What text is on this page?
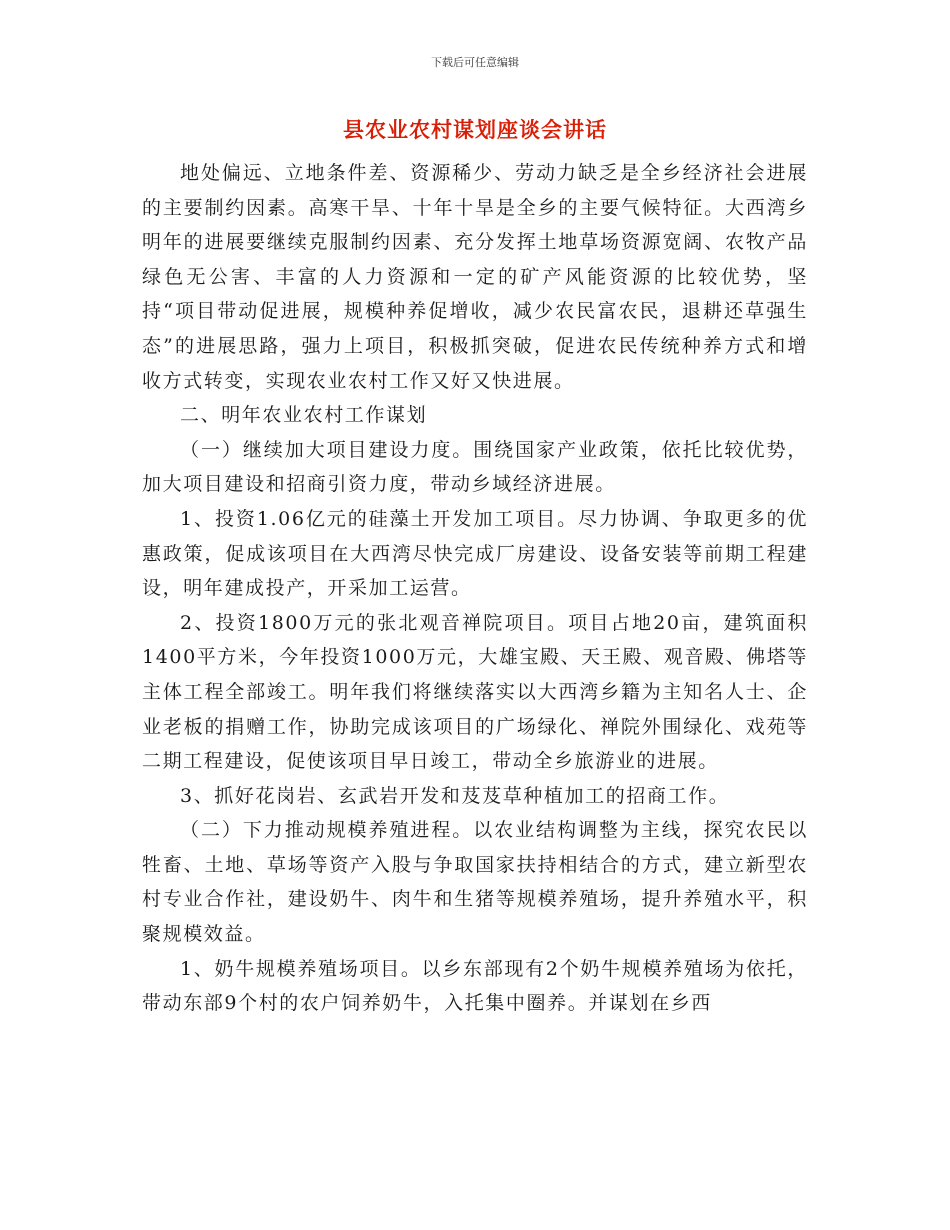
下载后可任意编辑
县农业农村谋划座谈会讲话

地处偏远、立地条件差、资源稀少、劳动力缺乏是全乡经济社会进展的主要制约因素。高寒干旱、十年十旱是全乡的主要气候特征。大西湾乡明年的进展要继续克服制约因素、充分发挥土地草场资源宽阔、农牧产品绿色无公害、丰富的人力资源和一定的矿产风能资源的比较优势，坚持“项目带动促进展，规模种养促增收，减少农民富农民，退耕还草强生态”的进展思路，强力上项目，积极抓突破，促进农民传统种养方式和增收方式转变，实现农业农村工作又好又快进展。

二、明年农业农村工作谋划

（一）继续加大项目建设力度。围绕国家产业政策，依托比较优势，加大项目建设和招商引资力度，带动乡域经济进展。

1、投资1.06亿元的硅藻土开发加工项目。尽力协调、争取更多的优惠政策，促成该项目在大西湾尽快完成厂房建设、设备安装等前期工程建设，明年建成投产，开采加工运营。

2、投资1800万元的张北观音禅院项目。项目占地20亩，建筑面积1400平方米，今年投资1000万元，大雄宝殿、天王殿、观音殿、佛塔等主体工程全部竣工。明年我们将继续落实以大西湾乡籍为主知名人士、企业老板的捐赠工作，协助完成该项目的广场绿化、禅院外围绿化、戏苑等二期工程建设，促使该项目早日竣工，带动全乡旅游业的进展。

3、抓好花岗岩、玄武岩开发和芨芨草种植加工的招商工作。

（二）下力推动规模养殖进程。以农业结构调整为主线，探究农民以牲畜、土地、草场等资产入股与争取国家扶持相结合的方式，建立新型农村专业合作社，建设奶牛、肉牛和生猪等规模养殖场，提升养殖水平，积聚规模效益。

1、奶牛规模养殖场项目。以乡东部现有2个奶牛规模养殖场为依托，带动东部9个村的农户饲养奶牛，入托集中圈养。并谋划在乡西
